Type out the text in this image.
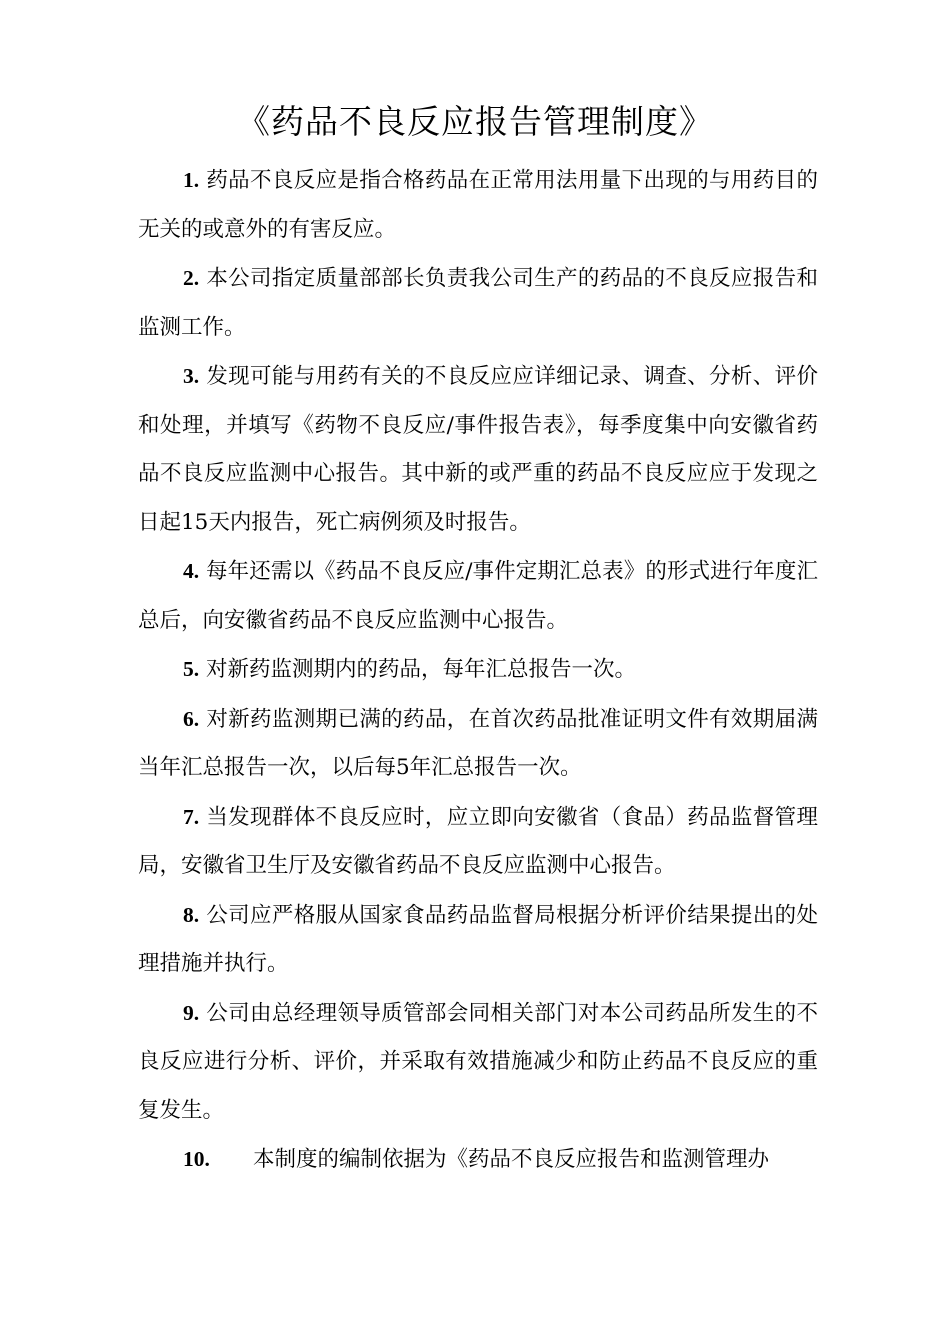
《药品不良反应报告管理制度》

1. 药品不良反应是指合格药品在正常用法用量下出现的与用药目的无关的或意外的有害反应。

2. 本公司指定质量部部长负责我公司生产的药品的不良反应报告和监测工作。

3. 发现可能与用药有关的不良反应应详细记录、调查、分析、评价和处理，并填写《药物不良反应/事件报告表》，每季度集中向安徽省药品不良反应监测中心报告。其中新的或严重的药品不良反应应于发现之日起15天内报告，死亡病例须及时报告。

4. 每年还需以《药品不良反应/事件定期汇总表》的形式进行年度汇总后，向安徽省药品不良反应监测中心报告。

5. 对新药监测期内的药品，每年汇总报告一次。

6. 对新药监测期已满的药品，在首次药品批准证明文件有效期届满当年汇总报告一次，以后每5年汇总报告一次。

7. 当发现群体不良反应时，应立即向安徽省（食品）药品监督管理局，安徽省卫生厅及安徽省药品不良反应监测中心报告。

8. 公司应严格服从国家食品药品监督局根据分析评价结果提出的处理措施并执行。

9. 公司由总经理领导质管部会同相关部门对本公司药品所发生的不良反应进行分析、评价，并采取有效措施减少和防止药品不良反应的重复发生。

10. 本制度的编制依据为《药品不良反应报告和监测管理办
